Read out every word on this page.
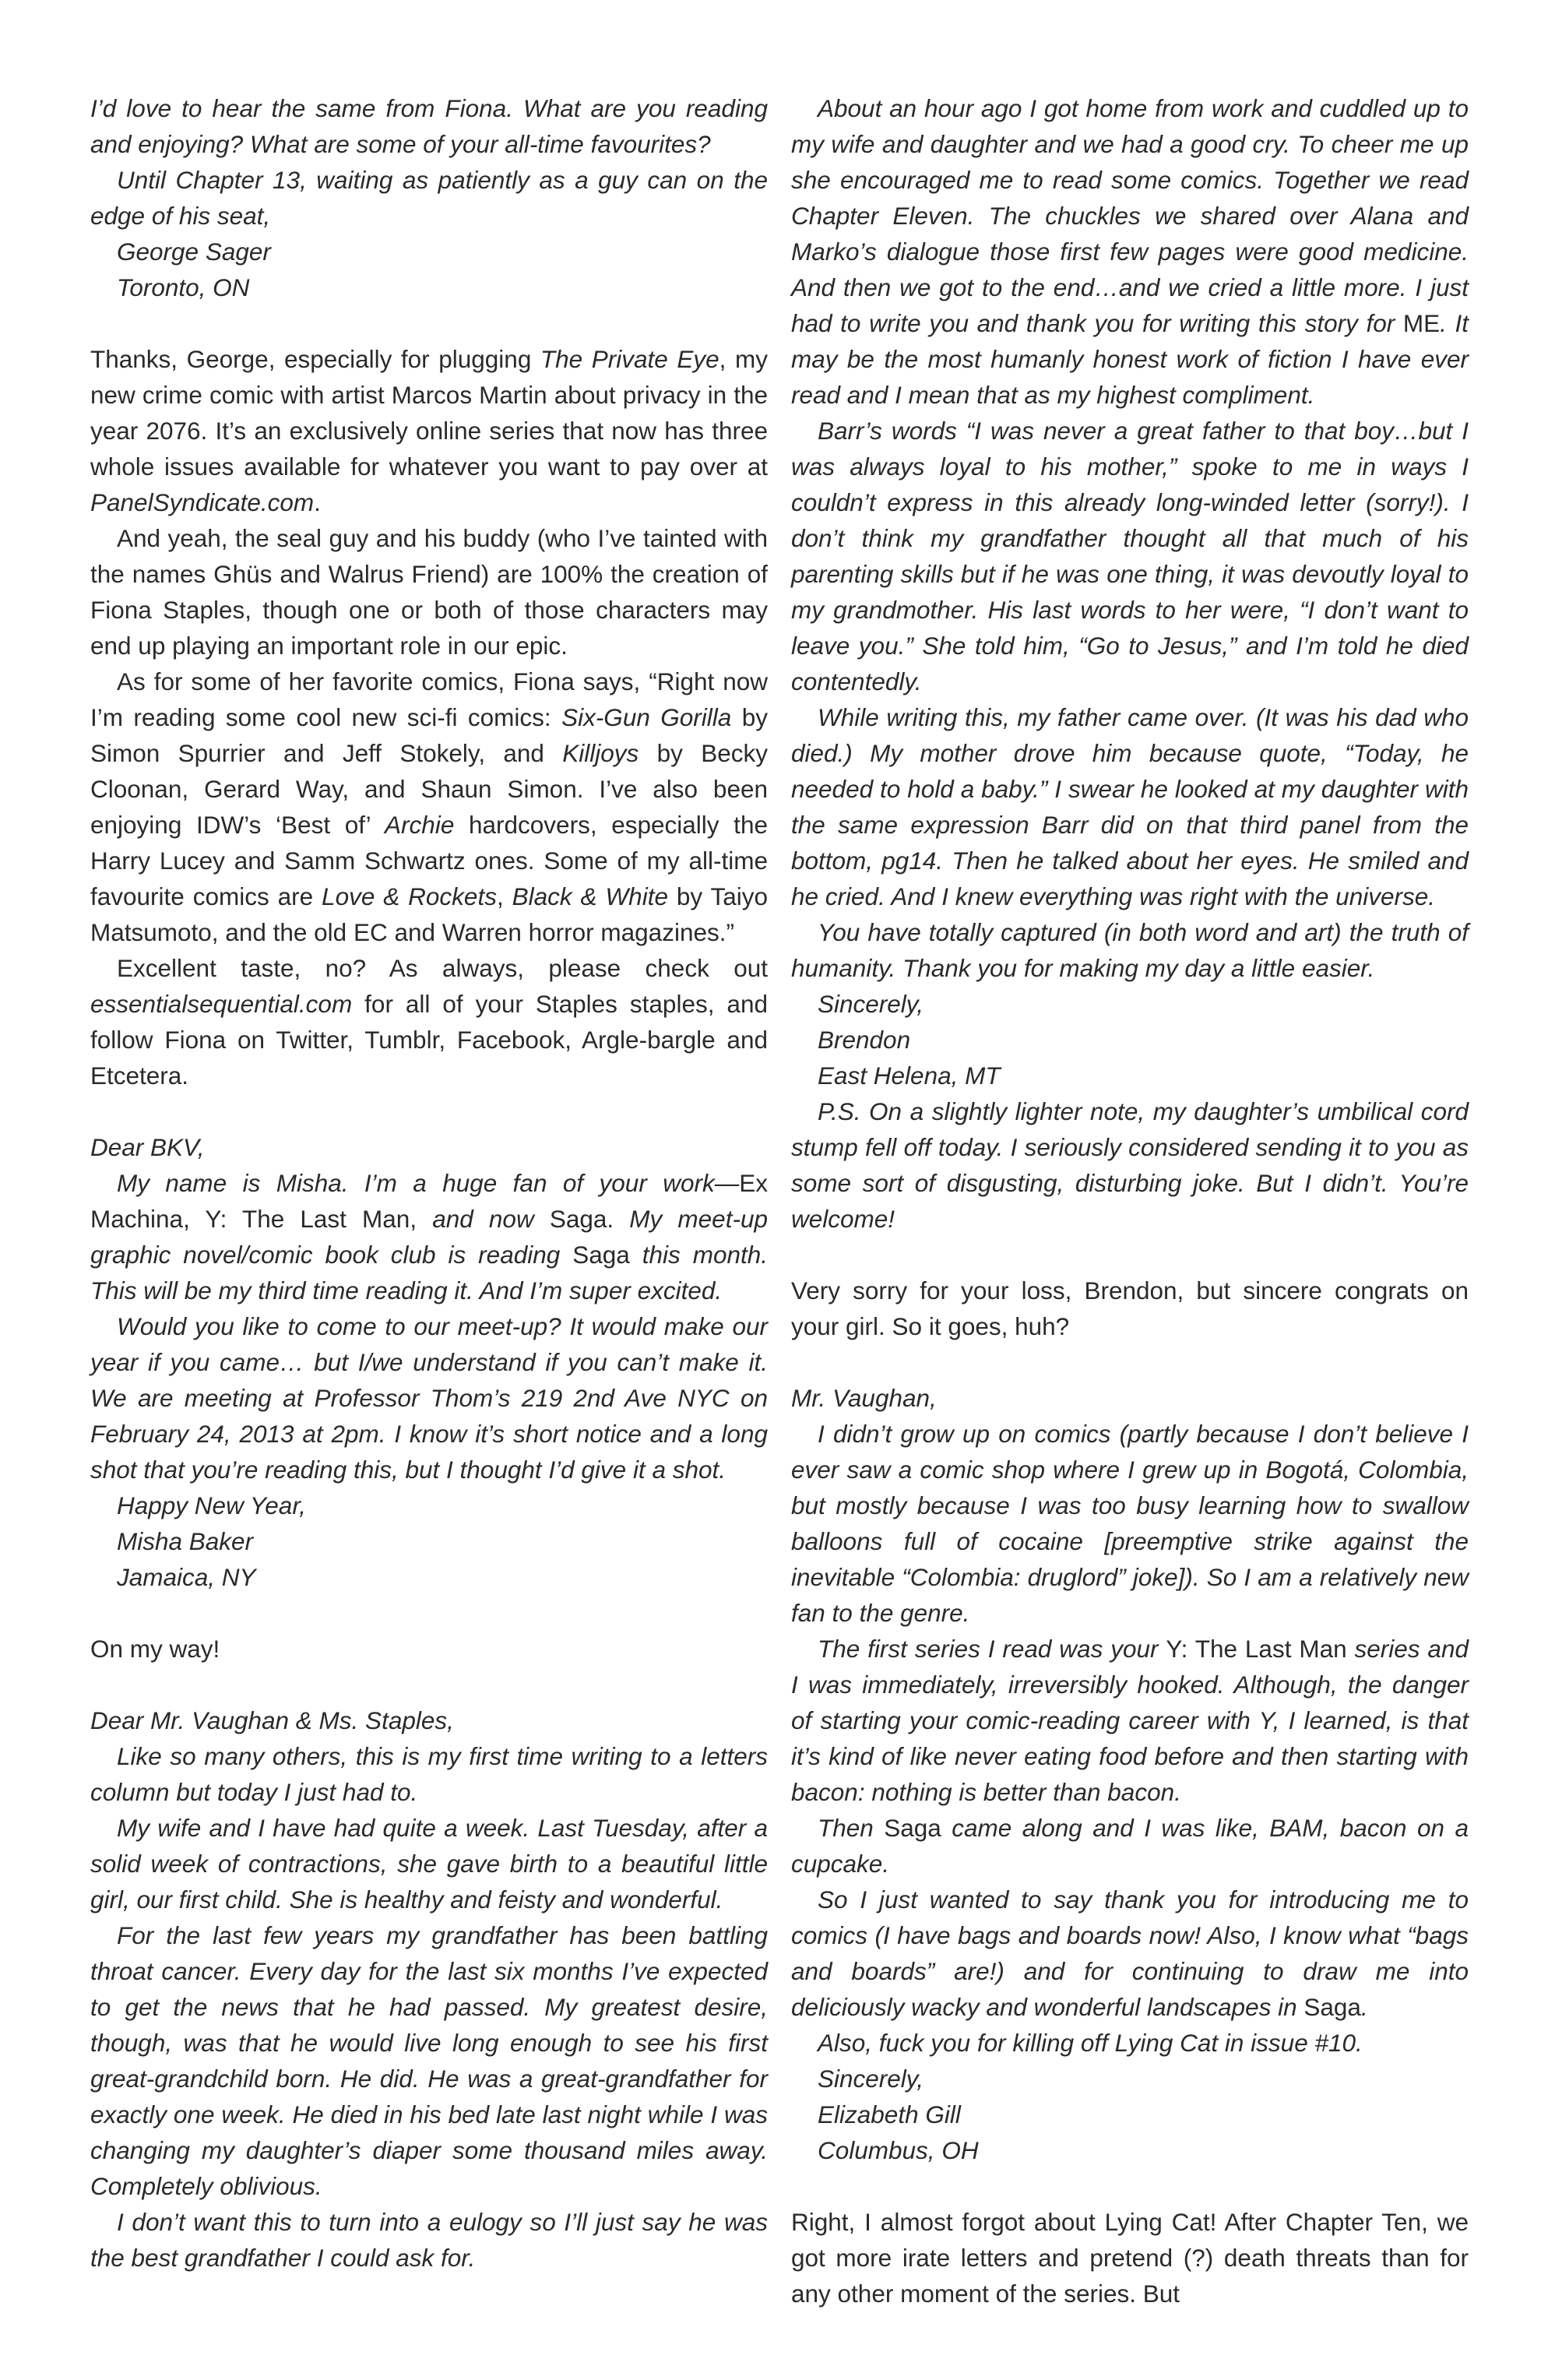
I’d love to hear the same from Fiona. What are you reading and enjoying? What are some of your all-time favourites?

Until Chapter 13, waiting as patiently as a guy can on the edge of his seat,

George Sager

Toronto, ON

Thanks, George, especially for plugging The Private Eye, my new crime comic with artist Marcos Martin about privacy in the year 2076. It’s an exclusively online series that now has three whole issues available for whatever you want to pay over at PanelSyndicate.com.

And yeah, the seal guy and his buddy (who I’ve tainted with the names Ghüs and Walrus Friend) are 100% the creation of Fiona Staples, though one or both of those characters may end up playing an important role in our epic.

As for some of her favorite comics, Fiona says, “Right now I’m reading some cool new sci-fi comics: Six-Gun Gorilla by Simon Spurrier and Jeff Stokely, and Killjoys by Becky Cloonan, Gerard Way, and Shaun Simon. I’ve also been enjoying IDW’s ‘Best of’ Archie hardcovers, especially the Harry Lucey and Samm Schwartz ones. Some of my all-time favourite comics are Love & Rockets, Black & White by Taiyo Matsumoto, and the old EC and Warren horror magazines.”

Excellent taste, no? As always, please check out essentialsequential.com for all of your Staples staples, and follow Fiona on Twitter, Tumblr, Facebook, Argle-bargle and Etcetera.

Dear BKV,

My name is Misha. I’m a huge fan of your work—Ex Machina, Y: The Last Man, and now Saga. My meet-up graphic novel/comic book club is reading Saga this month. This will be my third time reading it. And I’m super excited.

Would you like to come to our meet-up? It would make our year if you came… but I/we understand if you can’t make it. We are meeting at Professor Thom’s 219 2nd Ave NYC on February 24, 2013 at 2pm. I know it’s short notice and a long shot that you’re reading this, but I thought I’d give it a shot.

Happy New Year,

Misha Baker

Jamaica, NY

On my way!

Dear Mr. Vaughan & Ms. Staples,

Like so many others, this is my first time writing to a letters column but today I just had to.

My wife and I have had quite a week. Last Tuesday, after a solid week of contractions, she gave birth to a beautiful little girl, our first child. She is healthy and feisty and wonderful.

For the last few years my grandfather has been battling throat cancer. Every day for the last six months I’ve expected to get the news that he had passed. My greatest desire, though, was that he would live long enough to see his first great-grandchild born. He did. He was a great-grandfather for exactly one week. He died in his bed late last night while I was changing my daughter’s diaper some thousand miles away. Completely oblivious.

I don’t want this to turn into a eulogy so I’ll just say he was the best grandfather I could ask for.

About an hour ago I got home from work and cuddled up to my wife and daughter and we had a good cry. To cheer me up she encouraged me to read some comics. Together we read Chapter Eleven. The chuckles we shared over Alana and Marko’s dialogue those first few pages were good medicine. And then we got to the end…and we cried a little more. I just had to write you and thank you for writing this story for ME. It may be the most humanly honest work of fiction I have ever read and I mean that as my highest compliment.

Barr’s words “I was never a great father to that boy…but I was always loyal to his mother,” spoke to me in ways I couldn’t express in this already long-winded letter (sorry!). I don’t think my grandfather thought all that much of his parenting skills but if he was one thing, it was devoutly loyal to my grandmother. His last words to her were, “I don’t want to leave you.” She told him, “Go to Jesus,” and I’m told he died contentedly.

While writing this, my father came over. (It was his dad who died.) My mother drove him because quote, “Today, he needed to hold a baby.” I swear he looked at my daughter with the same expression Barr did on that third panel from the bottom, pg14. Then he talked about her eyes. He smiled and he cried. And I knew everything was right with the universe.

You have totally captured (in both word and art) the truth of humanity. Thank you for making my day a little easier.

Sincerely,

Brendon

East Helena, MT

P.S. On a slightly lighter note, my daughter’s umbilical cord stump fell off today. I seriously considered sending it to you as some sort of disgusting, disturbing joke. But I didn’t. You’re welcome!

Very sorry for your loss, Brendon, but sincere congrats on your girl. So it goes, huh?

Mr. Vaughan,

I didn’t grow up on comics (partly because I don’t believe I ever saw a comic shop where I grew up in Bogotá, Colombia, but mostly because I was too busy learning how to swallow balloons full of cocaine [preemptive strike against the inevitable “Colombia: druglord” joke]). So I am a relatively new fan to the genre.

The first series I read was your Y: The Last Man series and I was immediately, irreversibly hooked. Although, the danger of starting your comic-reading career with Y, I learned, is that it’s kind of like never eating food before and then starting with bacon: nothing is better than bacon.

Then Saga came along and I was like, BAM, bacon on a cupcake.

So I just wanted to say thank you for introducing me to comics (I have bags and boards now! Also, I know what “bags and boards” are!) and for continuing to draw me into deliciously wacky and wonderful landscapes in Saga.

Also, fuck you for killing off Lying Cat in issue #10.

Sincerely,

Elizabeth Gill

Columbus, OH

Right, I almost forgot about Lying Cat! After Chapter Ten, we got more irate letters and pretend (?) death threats than for any other moment of the series. But
